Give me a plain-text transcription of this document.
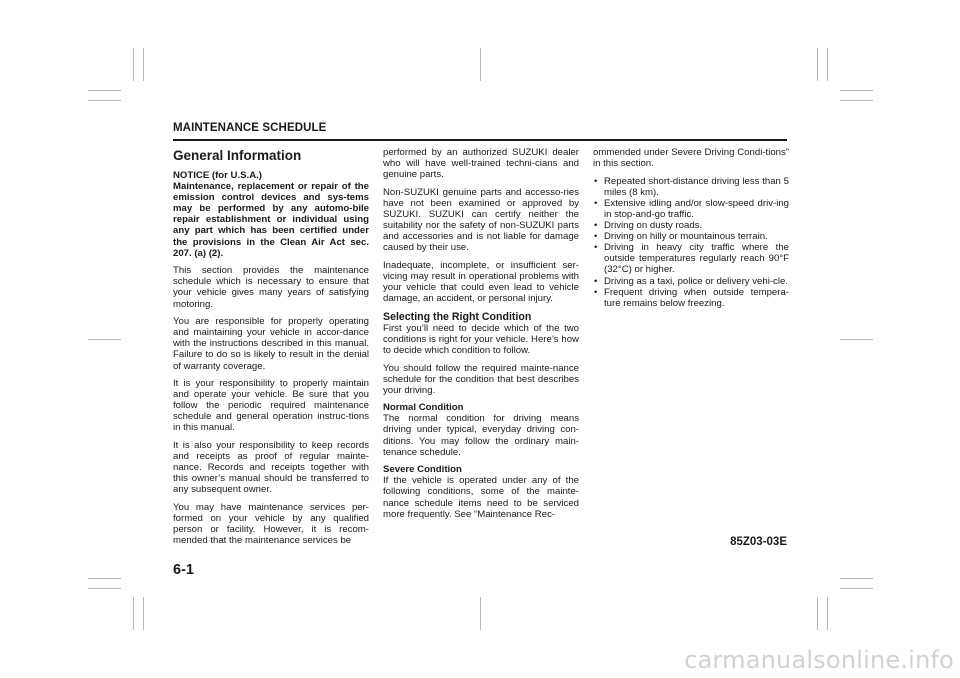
MAINTENANCE SCHEDULE
General Information

NOTICE (for U.S.A.)
Maintenance, replacement or repair of the emission control devices and sys-tems may be performed by any automo-bile repair establishment or individual using any part which has been certified under the provisions in the Clean Air Act sec. 207. (a) (2).

This section provides the maintenance schedule which is necessary to ensure that your vehicle gives many years of satisfying motoring.

You are responsible for properly operating and maintaining your vehicle in accor-dance with the instructions described in this manual. Failure to do so is likely to result in the denial of warranty coverage.

It is your responsibility to properly maintain and operate your vehicle. Be sure that you follow the periodic required maintenance schedule and general operation instruc-tions in this manual.

It is also your responsibility to keep records and receipts as proof of regular mainte-nance. Records and receipts together with this owner’s manual should be transferred to any subsequent owner.

You may have maintenance services per-formed on your vehicle by any qualified person or facility. However, it is recom-mended that the maintenance services be

performed by an authorized SUZUKI dealer who will have well-trained techni-cians and genuine parts.

Non-SUZUKI genuine parts and accesso-ries have not been examined or approved by SUZUKI. SUZUKI can certify neither the suitability nor the safety of non-SUZUKI parts and accessories and is not liable for damage caused by their use.

Inadequate, incomplete, or insufficient ser-vicing may result in operational problems with your vehicle that could even lead to vehicle damage, an accident, or personal injury.

Selecting the Right Condition

First you’ll need to decide which of the two conditions is right for your vehicle. Here’s how to decide which condition to follow.

You should follow the required mainte-nance schedule for the condition that best describes your driving.

Normal Condition

The normal condition for driving means driving under typical, everyday driving con-ditions. You may follow the ordinary main-tenance schedule.

Severe Condition

If the vehicle is operated under any of the following conditions, some of the mainte-nance schedule items need to be serviced more frequently. See “Maintenance Rec-

ommended under Severe Driving Condi-tions” in this section.

• Repeated short-distance driving less than 5 miles (8 km).
• Extensive idling and/or slow-speed driv-ing in stop-and-go traffic.
• Driving on dusty roads.
• Driving on hilly or mountainous terrain.
• Driving in heavy city traffic where the outside temperatures regularly reach 90°F (32°C) or higher.
• Driving as a taxi, police or delivery vehi-cle.
• Frequent driving when outside tempera-ture remains below freezing.
6-1
85Z03-03E
carmanualsonline.info
